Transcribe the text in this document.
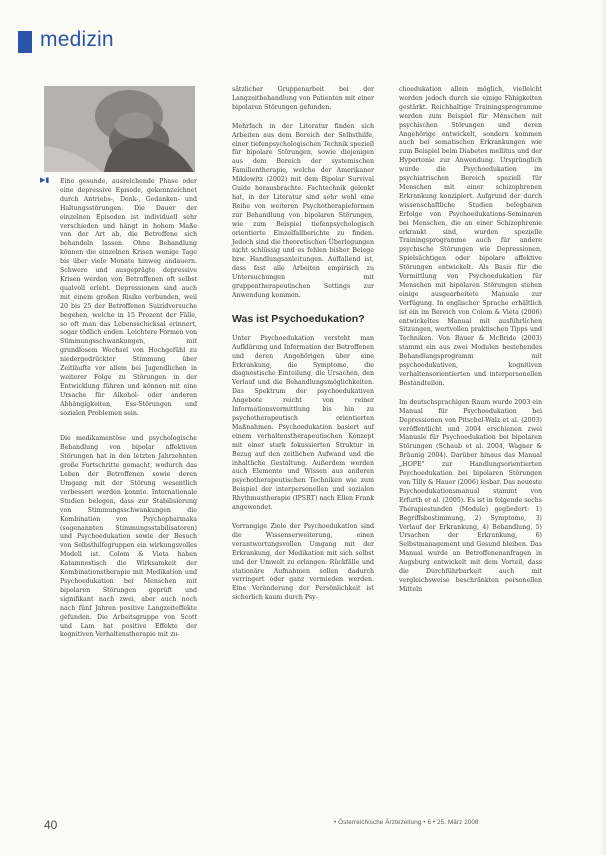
medizin
▶▮ Eine gesunde, ausreichende Phase oder eine depressive Episode, gekennzeichnet durch Antriebs-, Denk-, Gedanken- und Haltungsstörungen. Die Dauer der einzelnen Episoden ist individuell sehr verschieden und hängt in hohem Maße von der Art ab, die Betroffene sich behandeln lassen. Ohne Behandlung können die einzelnen Krisen wenige Tage bis über viele Monate hinweg andauern. Schwere und ausgeprägte depressive Krisen werden von Betroffenen oft selbst qualvoll erlebt. Depressionen sind auch mit einem großen Risiko verbunden, weil 20 bis 25 der Betroffenen Suizidversuche begehen, welche in 15 Prozent der Fälle, so oft man das Lebensschicksal erinnert, sogar tödlich enden. Leichtere Formen von Stimmungsschwankungen, mit grundlosem Wechsel von Hochgefühl zu niedergedrückter Stimmung über Zeitläufte vor allem bei Jugendlichen in weiterer Folge zu Störungen in der Entwicklung führen und können mit eine Ursache für Alkohol- oder anderen Abhängigkeiten, Ess-Störungen und sozialen Problemen sein.

Die medikamentöse und psychologische Behandlung von bipolar affektiven Störungen hat in den letzten Jahrzehnten große Fortschritte gemacht, wodurch das Leben der Betroffenen sowie deren Umgang mit der Störung wesentlich verbessert werden konnte. Internationale Studien belegen, dass zur Stabilisierung von Stimmungsschwankungen die Kombination von Psychopharmaka (sogenannten Stimmungsstabilisatoren) und Psychoedukation sowie der Besuch von Selbsthilfegruppen ein wirkungsvolles Modell ist. Colom & Vieta haben Katamnestisch die Wirksamkeit der Kombinationstherapie mit Medikation und Psychoedukation bei Menschen mit bipolaren Störungen geprüft und signifikant nach zwei, aber auch noch nach fünf Jahren positive Langzeiteffekte gefunden. Die Arbeitsgruppe von Scott und Lam hat positive Effekte der kognitiven Verhaltenstherapie mit zu-

sätzlicher Gruppenarbeit bei der Langzeitbehandlung von Patienten mit einer bipolaren Störungen gefunden.

Mehrfach in der Literatur finden sich Arbeiten aus dem Bereich der Selbsthilfe, einer tiefenpsychologischen Technik speziell für bipolare Störungen, sowie diejenigen aus dem Bereich der systemischen Familientherapie, welche der Amerikaner Miklowitz (2002) mit dem Bipolar Survival Guide herausbrachte. Fachtechnik gelenkt hat, in der Literatur sind sehr wohl eine Reihe von weiteren Psychotherapieformen zur Behandlung von bipolaren Störungen, wie zum Beispiel tiefenpsychologisch orientierte Einzelfallberichte zu finden. Jedoch sind die theoretischen Überlegungen nicht schlüssig und es fehlen bisher Belege bzw. Handlungsanleitungen. Auffallend ist, dass fast alle Arbeiten empirisch zu Untersuchungen mit gruppentherapeutischen Settings zur Anwendung kommen.

Was ist Psychoedukation?

Unter Psychoedukation versteht man Aufklärung und Information der Betroffenen und deren Angehörigen über eine Erkrankung, die Symptome, die diagnostische Einteilung, die Ursachen, den Verlauf und die Behandlungsmöglichkeiten. Das Spektrum der psychoedukativen Angebote reicht von reiner Informationsvermittlung bis hin zu psychotherapeutisch orientierten Maßnahmen. Psychoedukation basiert auf einem verhaltenstherapeutischen Konzept mit einer stark fokussierten Struktur in Bezug auf den zeitlichen Aufwand und die inhaltliche Gestaltung. Außerdem werden auch Elemente und Wissen aus anderen psychotherapeutischen Techniken wie zum Beispiel der interpersonellen und sozialen Rhythmustherapie (IPSRT) nach Ellen Frank angewendet.

Vorrangige Ziele der Psychoedukation sind die Wissenserweiterung, einen verantwortungsvollen Umgang mit der Erkrankung, der Medikation mit sich selbst und der Umwelt zu erlangen. Rückfälle und stationäre Aufnahmen sollen dadurch verringert oder ganz vermieden werden. Eine Veränderung der Persönlichkeit ist sicherlich kaum durch Psy-

choedukation allein möglich, vielleicht werden jedoch durch sie einige Fähigkeiten gestärkt. Reichhaltige Trainingsprogramme werden zum Beispiel für Menschen mit psychischen Störungen und deren Angehörige entwickelt, sondern kommen auch bei somatischen Erkrankungen wie zum Beispiel beim Diabetes mellitus und der Hypertonie zur Anwendung. Ursprünglich wurde die Psychoedukation im psychiatrischen Bereich speziell für Menschen mit einer schizophrenen Erkrankung konzipiert. Aufgrund der durch wissenschaftliche Studien belegbaren Erfolge von Psychoedukations-Seminaren bei Menschen, die an einer Schizophrenie erkrankt sind, wurden spezielle Trainingsprogramme auch für andere psychische Störungen wie Depressionen, Spielsüchtigen oder bipolare affektive Störungen entwickelt. Als Basis für die Vermittlung von Psychoedukation für Menschen mit bipolaren Störungen stehen einige ausgearbeitete Manuale zur Verfügung. In englischer Sprache erhältlich ist ein im Bereich von Colom & Vieta (2006) entwickeltes Manual mit ausführlichen Sitzungen, wertvollen praktischen Tipps und Techniken. Von Bauer & McBride (2003) stammt ein aus zwei Modulen bestehendes Behandlungsprogramm mit psychoedukativen, kognitiven verhaltensorientierten und interpersonellen Bestandteilen.

Im deutschsprachigen Raum wurde 2003 ein Manual für Psychoedukation bei Depressionen von Pitschel-Walz et al. (2003) veröffentlicht und 2004 erschienen zwei Manuale für Psychoedukation bei bipolaren Störungen (Schaub et al. 2004, Wagner & Bräunig 2004). Darüber hinaus das Manual „HOPE" zur Handlungsorientierten Psychoedukation bei bipolaren Störungen von Tilly & Hauer (2006) lesbar. Das neueste Psychoedukationsmanual stammt von Erfurth et al. (2005). Es ist in folgende sechs Therapiestunden (Module) gegliedert: 1) Begriffsbestimmung, 2) Symptome, 3) Verlauf der Erkrankung, 4) Behandlung, 5) Ursachen der Erkrankung, 6) Selbstmanagement und Gesund bleiben. Das Manual wurde an Betroffenenanfragen in Augsburg entwickelt mit dem Vorteil, dass die Durchführbarkeit auch mit vergleichsweise beschränkten personellen Mitteln

40	• Österreichische Ärztezeitung • 6 • 25. März 2008
